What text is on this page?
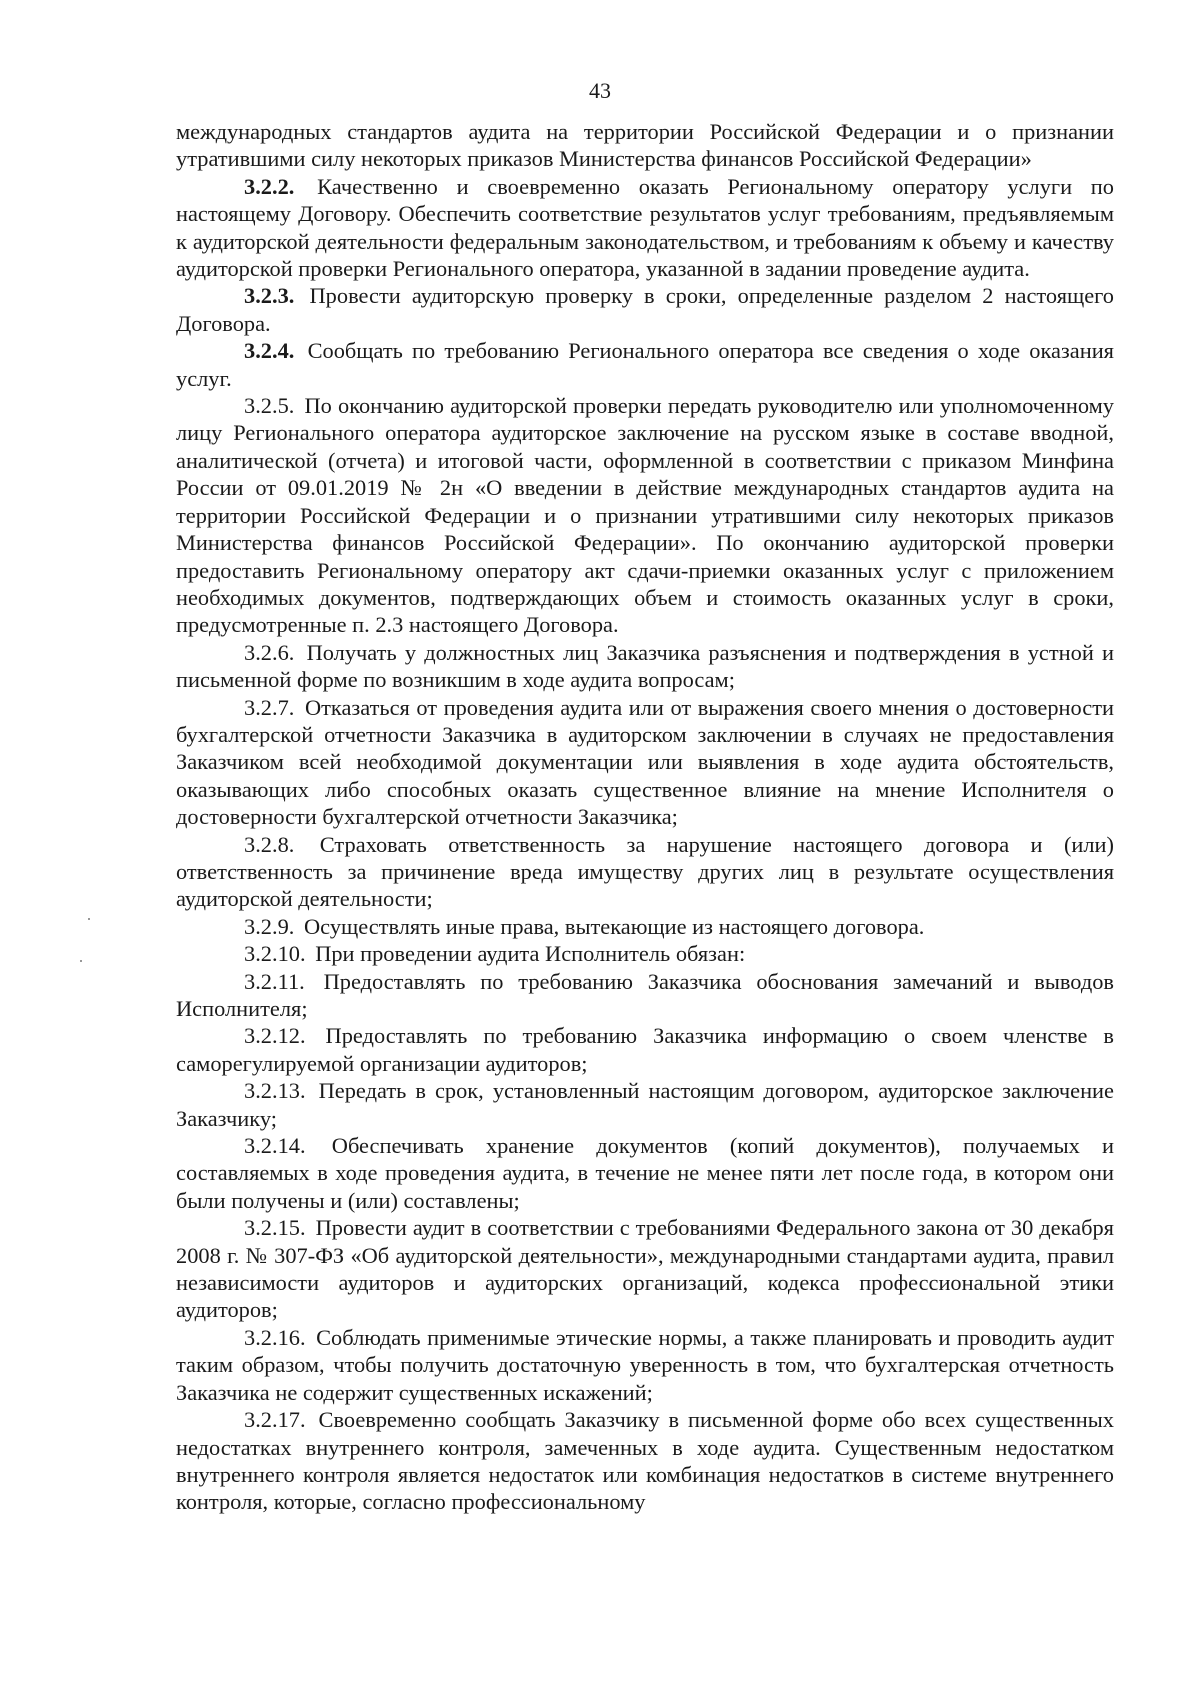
43

международных стандартов аудита на территории Российской Федерации и о признании утратившими силу некоторых приказов Министерства финансов Российской Федерации»

3.2.2. Качественно и своевременно оказать Региональному оператору услуги по настоящему Договору. Обеспечить соответствие результатов услуг требованиям, предъявляемым к аудиторской деятельности федеральным законодательством, и требованиям к объему и качеству аудиторской проверки Регионального оператора, указанной в задании проведение аудита.

3.2.3. Провести аудиторскую проверку в сроки, определенные разделом 2 настоящего Договора.

3.2.4. Сообщать по требованию Регионального оператора все сведения о ходе оказания услуг.

3.2.5. По окончанию аудиторской проверки передать руководителю или уполномоченному лицу Регионального оператора аудиторское заключение на русском языке в составе вводной, аналитической (отчета) и итоговой части, оформленной в соответствии с приказом Минфина России от 09.01.2019 № 2н «О введении в действие международных стандартов аудита на территории Российской Федерации и о признании утратившими силу некоторых приказов Министерства финансов Российской Федерации». По окончанию аудиторской проверки предоставить Региональному оператору акт сдачи-приемки оказанных услуг с приложением необходимых документов, подтверждающих объем и стоимость оказанных услуг в сроки, предусмотренные п. 2.3 настоящего Договора.

3.2.6. Получать у должностных лиц Заказчика разъяснения и подтверждения в устной и письменной форме по возникшим в ходе аудита вопросам;

3.2.7. Отказаться от проведения аудита или от выражения своего мнения о достоверности бухгалтерской отчетности Заказчика в аудиторском заключении в случаях не предоставления Заказчиком всей необходимой документации или выявления в ходе аудита обстоятельств, оказывающих либо способных оказать существенное влияние на мнение Исполнителя о достоверности бухгалтерской отчетности Заказчика;

3.2.8. Страховать ответственность за нарушение настоящего договора и (или) ответственность за причинение вреда имуществу других лиц в результате осуществления аудиторской деятельности;

3.2.9. Осуществлять иные права, вытекающие из настоящего договора.

3.2.10. При проведении аудита Исполнитель обязан:

3.2.11. Предоставлять по требованию Заказчика обоснования замечаний и выводов Исполнителя;

3.2.12. Предоставлять по требованию Заказчика информацию о своем членстве в саморегулируемой организации аудиторов;

3.2.13. Передать в срок, установленный настоящим договором, аудиторское заключение Заказчику;

3.2.14. Обеспечивать хранение документов (копий документов), получаемых и составляемых в ходе проведения аудита, в течение не менее пяти лет после года, в котором они были получены и (или) составлены;

3.2.15. Провести аудит в соответствии с требованиями Федерального закона от 30 декабря 2008 г. № 307-ФЗ «Об аудиторской деятельности», международными стандартами аудита, правил независимости аудиторов и аудиторских организаций, кодекса профессиональной этики аудиторов;

3.2.16. Соблюдать применимые этические нормы, а также планировать и проводить аудит таким образом, чтобы получить достаточную уверенность в том, что бухгалтерская отчетность Заказчика не содержит существенных искажений;

3.2.17. Своевременно сообщать Заказчику в письменной форме обо всех существенных недостатках внутреннего контроля, замеченных в ходе аудита. Существенным недостатком внутреннего контроля является недостаток или комбинация недостатков в системе внутреннего контроля, которые, согласно профессиональному
